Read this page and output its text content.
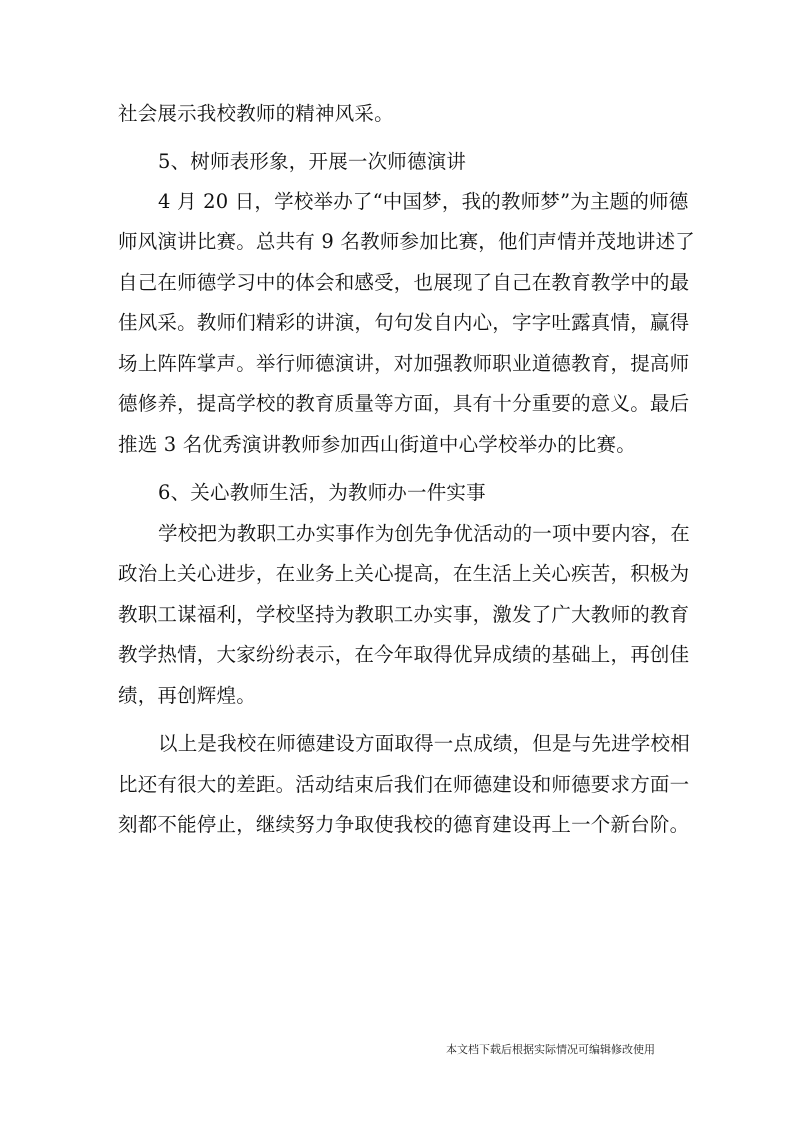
社会展示我校教师的精神风采。
5、树师表形象，开展一次师德演讲
4 月 20 日，学校举办了“中国梦，我的教师梦”为主题的师德
师风演讲比赛。总共有 9 名教师参加比赛，他们声情并茂地讲述了
自己在师德学习中的体会和感受，也展现了自己在教育教学中的最
佳风采。教师们精彩的讲演，句句发自内心，字字吐露真情，赢得
场上阵阵掌声。举行师德演讲，对加强教师职业道德教育，提高师
德修养，提高学校的教育质量等方面，具有十分重要的意义。最后
推选 3 名优秀演讲教师参加西山街道中心学校举办的比赛。
6、关心教师生活，为教师办一件实事
学校把为教职工办实事作为创先争优活动的一项中要内容，在
政治上关心进步，在业务上关心提高，在生活上关心疾苦，积极为
教职工谋福利，学校坚持为教职工办实事，激发了广大教师的教育
教学热情，大家纷纷表示，在今年取得优异成绩的基础上，再创佳
绩，再创辉煌。
以上是我校在师德建设方面取得一点成绩，但是与先进学校相
比还有很大的差距。活动结束后我们在师德建设和师德要求方面一
刻都不能停止，继续努力争取使我校的德育建设再上一个新台阶。
本文档下载后根据实际情况可编辑修改使用
